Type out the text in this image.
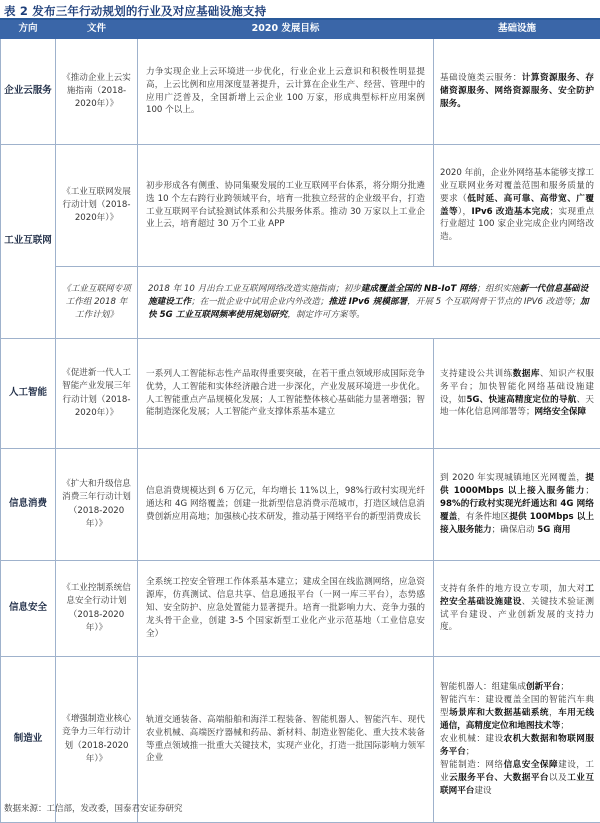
表 2 发布三年行动规划的行业及对应基础设施支持
方向	文件	2020 发展目标	基础设施
企业云服务	《推动企业上云实施指南（2018-2020年）》	力争实现企业上云环境进一步优化，行业企业上云意识和积极性明显提高，上云比例和应用深度显著提升，云计算在企业生产、经营、管理中的应用广泛普及，全国新增上云企业 100 万家，形成典型标杆应用案例 100 个以上。	基础设施类云服务：计算资源服务、存储资源服务、网络资源服务、安全防护服务。
工业互联网	《工业互联网发展行动计划（2018-2020年）》	初步形成各有侧重、协同集聚发展的工业互联网平台体系，将分期分批遴选 10 个左右跨行业跨领域平台，培育一批独立经营的企业级平台，打造工业互联网平台试验测试体系和公共服务体系。推动 30 万家以上工业企业上云，培育超过 30 万个工业 APP	2020 年前，企业外网络基本能够支撑工业互联网业务对覆盖范围和服务质量的要求（低时延、高可靠、高带宽、广覆盖等），IPv6 改造基本完成；实现重点行业超过 100 家企业完成企业内网络改造。
	《工业互联网专项工作组 2018 年工作计划》	2018 年 10 月出台工业互联网网络改造实施指南；初步建成覆盖全国的 NB-IoT 网络；组织实施新一代信息基础设施建设工作；在一批企业中试用企业内外改造；推进 IPv6 规模部署，开展 5 个互联网骨干节点的 IPV6 改造等；加快 5G 工业互联网频率使用规划研究，制定许可方案等。	
人工智能	《促进新一代人工智能产业发展三年行动计划（2018-2020年）》	一系列人工智能标志性产品取得重要突破，在若干重点领域形成国际竞争优势，人工智能和实体经济融合进一步深化，产业发展环境进一步优化。人工智能重点产品规模化发展；人工智能整体核心基础能力显著增强；智能制造深化发展；人工智能产业支撑体系基本建立	支持建设公共训练数据库、知识产权服务平台；加快智能化网络基础设施建设，如5G、快速高精度定位的导航、天地一体化信息网部署等；网络安全保障
信息消费	《扩大和升级信息消费三年行动计划（2018-2020年）》	信息消费规模达到 6 万亿元，年均增长 11%以上，98%行政村实现光纤通达和 4G 网络覆盖；创建一批新型信息消费示范城市，打造区域信息消费创新应用高地；加强核心技术研发，推动基于网络平台的新型消费成长	到 2020 年实现城镇地区光网覆盖，提供 1000Mbps 以上接入服务能力；98%的行政村实现光纤通达和 4G 网络覆盖，有条件地区提供 100Mbps 以上接入服务能力；确保启动 5G 商用
信息安全	《工业控制系统信息安全行动计划（2018-2020年）》	全系统工控安全管理工作体系基本建立；建成全国在线监测网络，应急资源库，仿真测试、信息共享、信息通报平台（一网一库三平台），态势感知、安全防护、应急处置能力显著提升。培育一批影响力大、竞争力强的龙头骨干企业，创建 3-5 个国家新型工业化产业示范基地（工业信息安全）	支持有条件的地方设立专项，加大对工控安全基础设施建设、关键技术验证测试平台建设、产业创新发展的支持力度。
制造业	《增强制造业核心竞争力三年行动计划（2018-2020年）》	轨道交通装备、高端船舶和海洋工程装备、智能机器人、智能汽车、现代农业机械、高端医疗器械和药品、新材料、制造业智能化、重大技术装备等重点领域推一批重大关键技术，实现产业化，打造一批国际影响力领军企业	智能机器人：组建集成创新平台；
智能汽车：建设覆盖全国的智能汽车典型场景库和大数据基础系统，车用无线通信，高精度定位和地图技术等；
农业机械：建设农机大数据和物联网服务平台；
智能制造：网络信息安全保障建设，工业云服务平台、大数据平台以及工业互联网平台建设
数据来源：工信部，发改委，国泰君安证券研究
